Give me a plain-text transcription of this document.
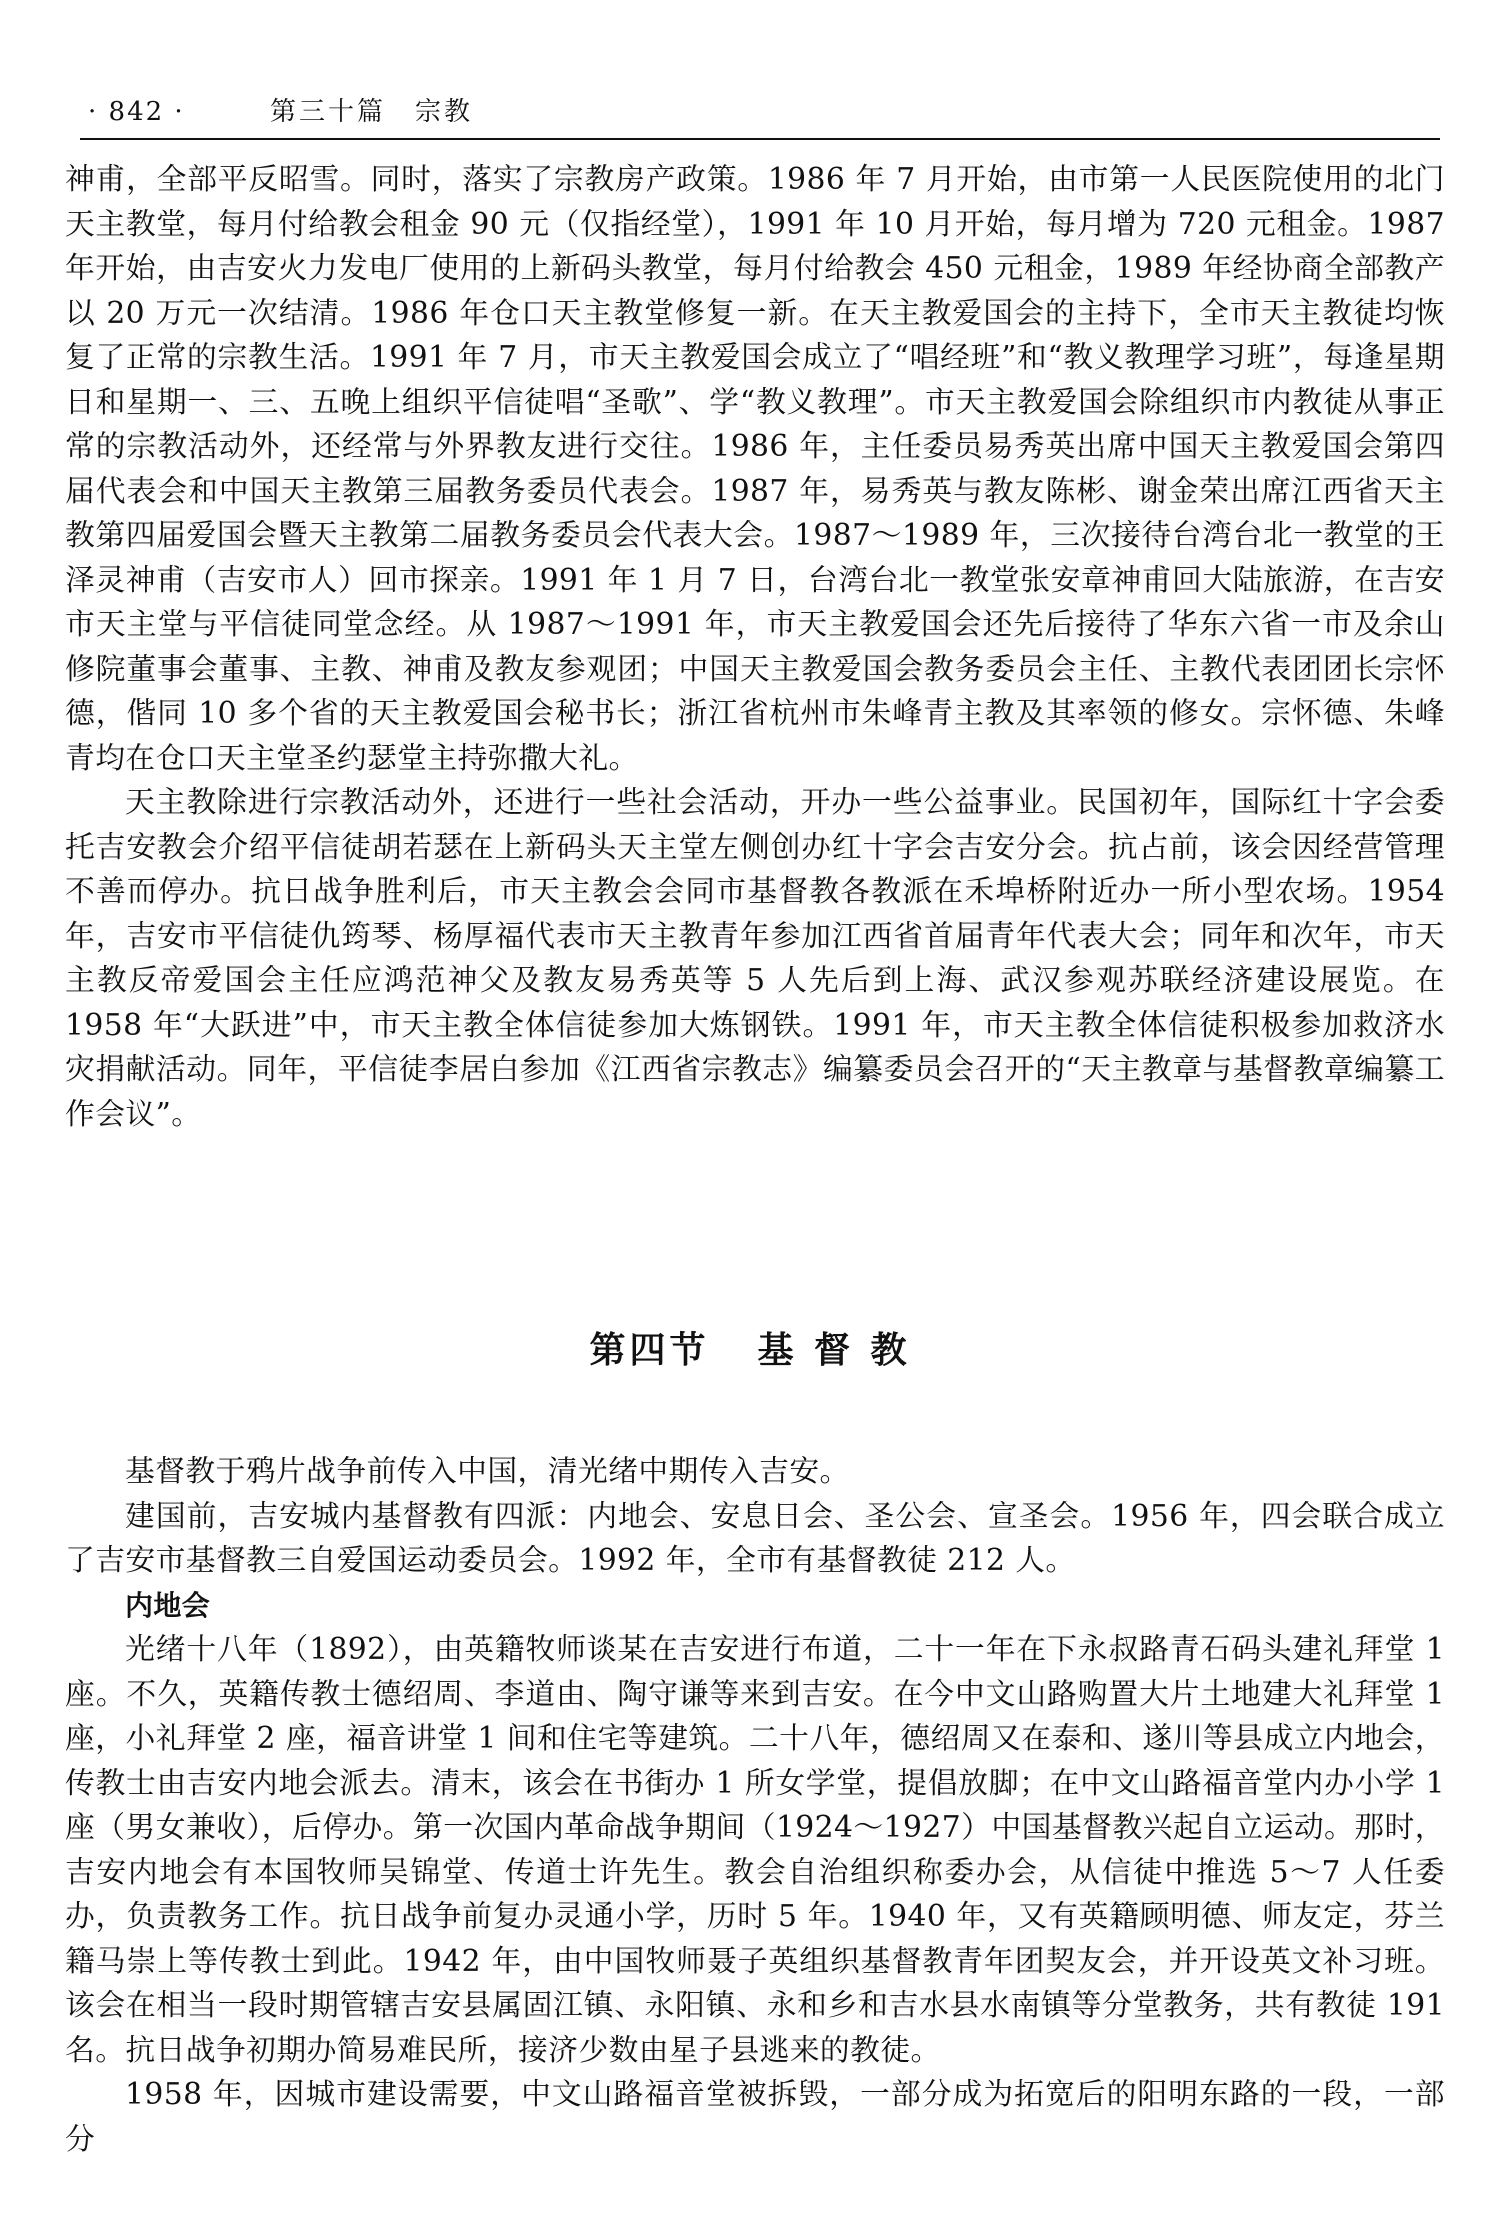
· 842 ·	第三十篇　宗教

神甫，全部平反昭雪。同时，落实了宗教房产政策。1986 年 7 月开始，由市第一人民医院使用的北门天主教堂，每月付给教会租金 90 元（仅指经堂），1991 年 10 月开始，每月增为 720 元租金。1987 年开始，由吉安火力发电厂使用的上新码头教堂，每月付给教会 450 元租金，1989 年经协商全部教产以 20 万元一次结清。1986 年仓口天主教堂修复一新。在天主教爱国会的主持下，全市天主教徒均恢复了正常的宗教生活。1991 年 7 月，市天主教爱国会成立了“唱经班”和“教义教理学习班”，每逢星期日和星期一、三、五晚上组织平信徒唱“圣歌”、学“教义教理”。市天主教爱国会除组织市内教徒从事正常的宗教活动外，还经常与外界教友进行交往。1986 年，主任委员易秀英出席中国天主教爱国会第四届代表会和中国天主教第三届教务委员代表会。1987 年，易秀英与教友陈彬、谢金荣出席江西省天主教第四届爱国会暨天主教第二届教务委员会代表大会。1987～1989 年，三次接待台湾台北一教堂的王泽灵神甫（吉安市人）回市探亲。1991 年 1 月 7 日，台湾台北一教堂张安章神甫回大陆旅游，在吉安市天主堂与平信徒同堂念经。从 1987～1991 年，市天主教爱国会还先后接待了华东六省一市及余山修院董事会董事、主教、神甫及教友参观团；中国天主教爱国会教务委员会主任、主教代表团团长宗怀德，偕同 10 多个省的天主教爱国会秘书长；浙江省杭州市朱峰青主教及其率领的修女。宗怀德、朱峰青均在仓口天主堂圣约瑟堂主持弥撒大礼。

天主教除进行宗教活动外，还进行一些社会活动，开办一些公益事业。民国初年，国际红十字会委托吉安教会介绍平信徒胡若瑟在上新码头天主堂左侧创办红十字会吉安分会。抗占前，该会因经营管理不善而停办。抗日战争胜利后，市天主教会会同市基督教各教派在禾埠桥附近办一所小型农场。1954 年，吉安市平信徒仇筠琴、杨厚福代表市天主教青年参加江西省首届青年代表大会；同年和次年，市天主教反帝爱国会主任应鸿范神父及教友易秀英等 5 人先后到上海、武汉参观苏联经济建设展览。在 1958 年“大跃进”中，市天主教全体信徒参加大炼钢铁。1991 年，市天主教全体信徒积极参加救济水灾捐献活动。同年，平信徒李居白参加《江西省宗教志》编纂委员会召开的“天主教章与基督教章编纂工作会议”。

第四节 基 督 教

基督教于鸦片战争前传入中国，清光绪中期传入吉安。

建国前，吉安城内基督教有四派：内地会、安息日会、圣公会、宣圣会。1956 年，四会联合成立了吉安市基督教三自爱国运动委员会。1992 年，全市有基督教徒 212 人。

内地会

光绪十八年（1892），由英籍牧师谈某在吉安进行布道，二十一年在下永叔路青石码头建礼拜堂 1 座。不久，英籍传教士德绍周、李道由、陶守谦等来到吉安。在今中文山路购置大片土地建大礼拜堂 1 座，小礼拜堂 2 座，福音讲堂 1 间和住宅等建筑。二十八年，德绍周又在泰和、遂川等县成立内地会，传教士由吉安内地会派去。清末，该会在书街办 1 所女学堂，提倡放脚；在中文山路福音堂内办小学 1 座（男女兼收），后停办。第一次国内革命战争期间（1924～1927）中国基督教兴起自立运动。那时，吉安内地会有本国牧师吴锦堂、传道士许先生。教会自治组织称委办会，从信徒中推选 5～7 人任委办，负责教务工作。抗日战争前复办灵通小学，历时 5 年。1940 年，又有英籍顾明德、师友定，芬兰籍马崇上等传教士到此。1942 年，由中国牧师聂子英组织基督教青年团契友会，并开设英文补习班。该会在相当一段时期管辖吉安县属固江镇、永阳镇、永和乡和吉水县水南镇等分堂教务，共有教徒 191 名。抗日战争初期办简易难民所，接济少数由星子县逃来的教徒。

1958 年，因城市建设需要，中文山路福音堂被拆毁，一部分成为拓宽后的阳明东路的一段，一部分
